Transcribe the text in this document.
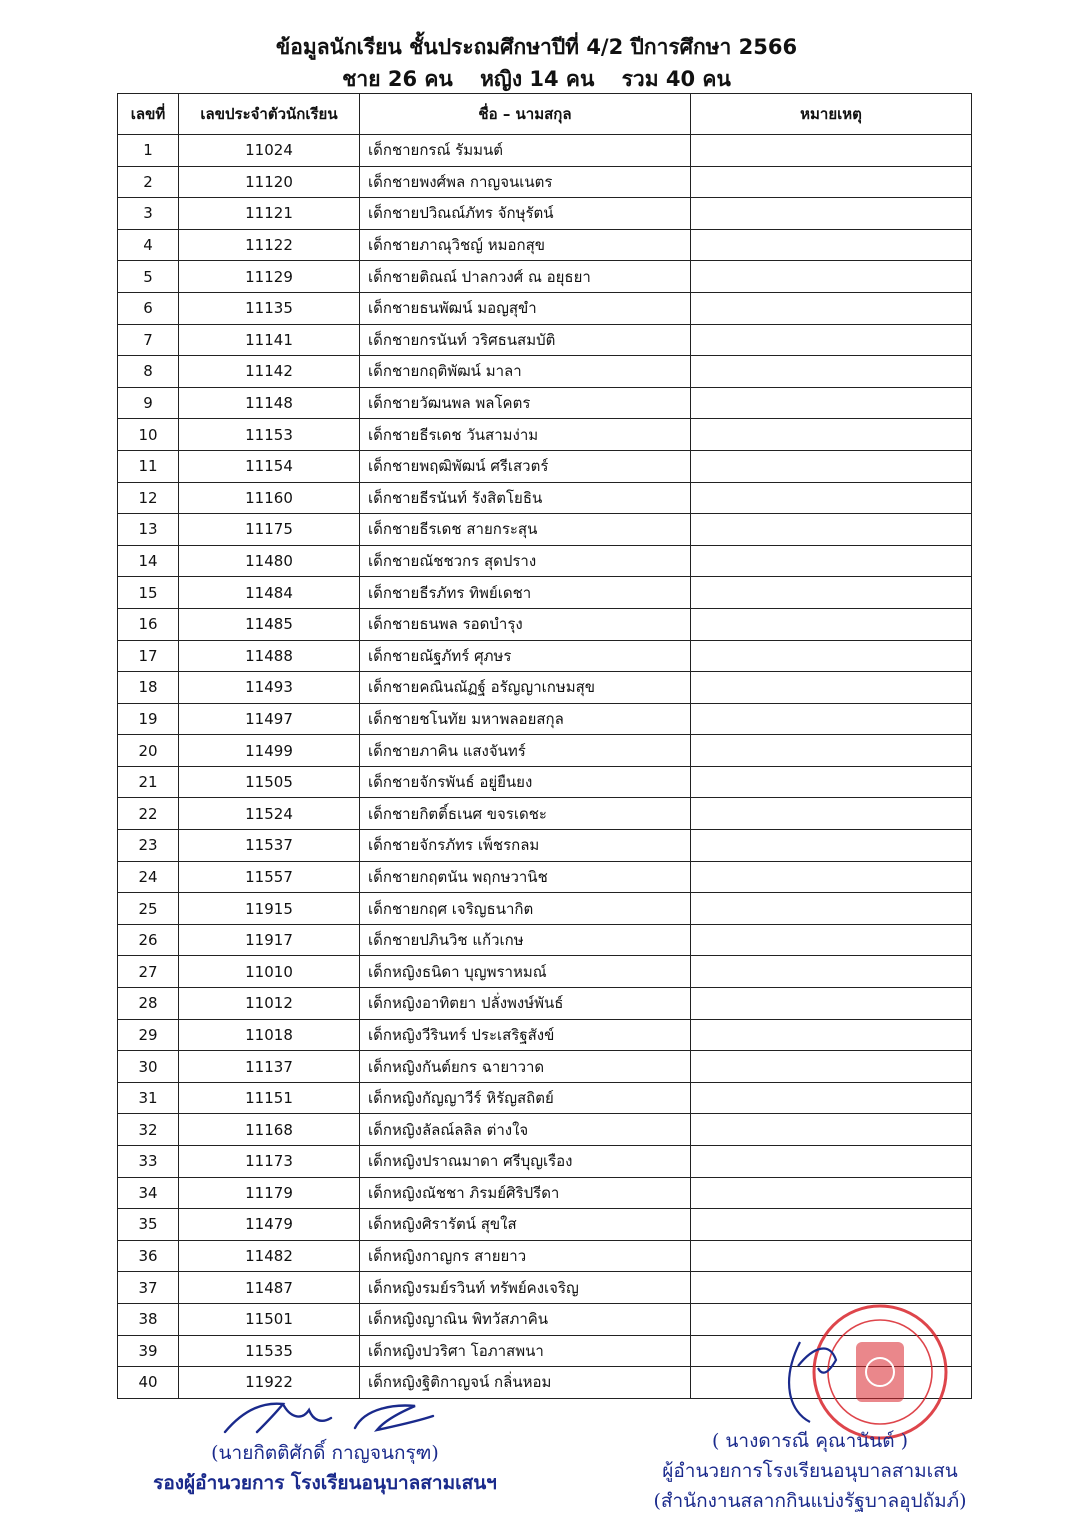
ข้อมูลนักเรียน ชั้นประถมศึกษาปีที่ 4/2 ปีการศึกษา 2566
ชาย 26 คน หญิง 14 คน รวม 40 คน
เลขที่	เลขประจำตัวนักเรียน	ชื่อ – นามสกุล	หมายเหตุ
1	11024	เด็กชายกรณ์ รัมมนต์	
2	11120	เด็กชายพงศ์พล กาญจนเนตร	
3	11121	เด็กชายปวิณณ์ภัทร จักษุรัตน์	
4	11122	เด็กชายภาณุวิชญ์ หมอกสุข	
5	11129	เด็กชายติณณ์ ปาลกวงศ์ ณ อยุธยา	
6	11135	เด็กชายธนพัฒน์ มอญสุขำ	
7	11141	เด็กชายกรนันท์ วริศธนสมบัติ	
8	11142	เด็กชายกฤติพัฒน์ มาลา	
9	11148	เด็กชายวัฒนพล พลโคตร	
10	11153	เด็กชายธีรเดช วันสามง่าม	
11	11154	เด็กชายพฤฒิพัฒน์ ศรีเสวตร์	
12	11160	เด็กชายธีรนันท์ รังสิตโยธิน	
13	11175	เด็กชายธีรเดช สายกระสุน	
14	11480	เด็กชายณัชชวกร สุดปราง	
15	11484	เด็กชายธีรภัทร ทิพย์เดชา	
16	11485	เด็กชายธนพล รอดบำรุง	
17	11488	เด็กชายณัฐภัทร์ ศุภษร	
18	11493	เด็กชายคณินณัฏฐ์ อรัญญาเกษมสุข	
19	11497	เด็กชายชโนทัย มหาพลอยสกุล	
20	11499	เด็กชายภาคิน แสงจันทร์	
21	11505	เด็กชายจักรพันธ์ อยู่ยืนยง	
22	11524	เด็กชายกิตติ์ธเนศ ขจรเดชะ	
23	11537	เด็กชายจักรภัทร เพ็ชรกลม	
24	11557	เด็กชายกฤตนัน พฤกษวานิช	
25	11915	เด็กชายกฤศ เจริญธนากิต	
26	11917	เด็กชายปภินวิช แก้วเกษ	
27	11010	เด็กหญิงธนิดา บุญพราหมณ์	
28	11012	เด็กหญิงอาทิตยา ปลั่งพงษ์พันธ์	
29	11018	เด็กหญิงวีรินทร์ ประเสริฐสังข์	
30	11137	เด็กหญิงกันต์ยกร ฉายาวาด	
31	11151	เด็กหญิงกัญญาวีร์ หิรัญสถิตย์	
32	11168	เด็กหญิงลัลณ์ลลิล ต่างใจ	
33	11173	เด็กหญิงปราณมาดา ศรีบุญเรือง	
34	11179	เด็กหญิงณัชชา ภิรมย์ศิริปรีดา	
35	11479	เด็กหญิงศิรารัตน์ สุขใส	
36	11482	เด็กหญิงกาญกร สายยาว	
37	11487	เด็กหญิงรมย์รวินท์ ทรัพย์คงเจริญ	
38	11501	เด็กหญิงญาณิน พิทวัสภาคิน	
39	11535	เด็กหญิงปวริศา โอภาสพนา	
40	11922	เด็กหญิงฐิติกาญจน์ กลิ่นหอม	
(นายกิตติศักดิ์ กาญจนกรุฑ)
รองผู้อำนวยการ โรงเรียนอนุบาลสามเสนฯ
( นางดารณี คุณานันต์ )
ผู้อำนวยการโรงเรียนอนุบาลสามเสน
(สำนักงานสลากกินแบ่งรัฐบาลอุปถัมภ์)
